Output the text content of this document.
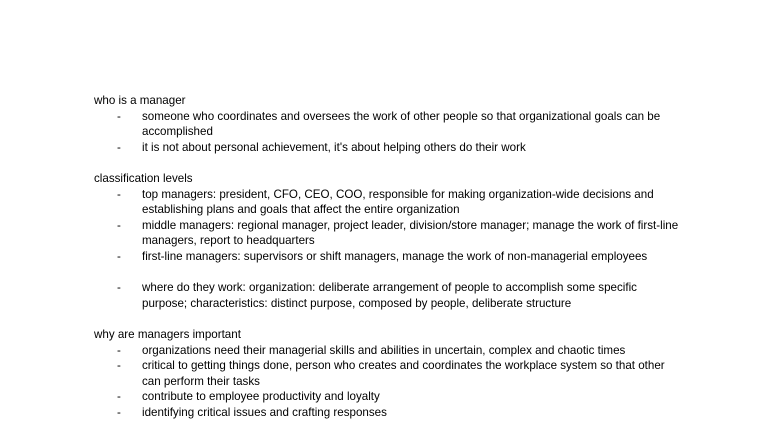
who is a manager
- someone who coordinates and oversees the work of other people so that organizational goals can be accomplished
- it is not about personal achievement, it's about helping others do their work
classification levels
- top managers: president, CFO, CEO, COO, responsible for making organization-wide decisions and establishing plans and goals that affect the entire organization
- middle managers: regional manager, project leader, division/store manager; manage the work of first-line managers, report to headquarters
- first-line managers: supervisors or shift managers, manage the work of non-managerial employees
- where do they work: organization: deliberate arrangement of people to accomplish some specific purpose; characteristics: distinct purpose, composed by people, deliberate structure
why are managers important
- organizations need their managerial skills and abilities in uncertain, complex and chaotic times
- critical to getting things done, person who creates and coordinates the workplace system so that other can perform their tasks
- contribute to employee productivity and loyalty
- identifying critical issues and crafting responses
